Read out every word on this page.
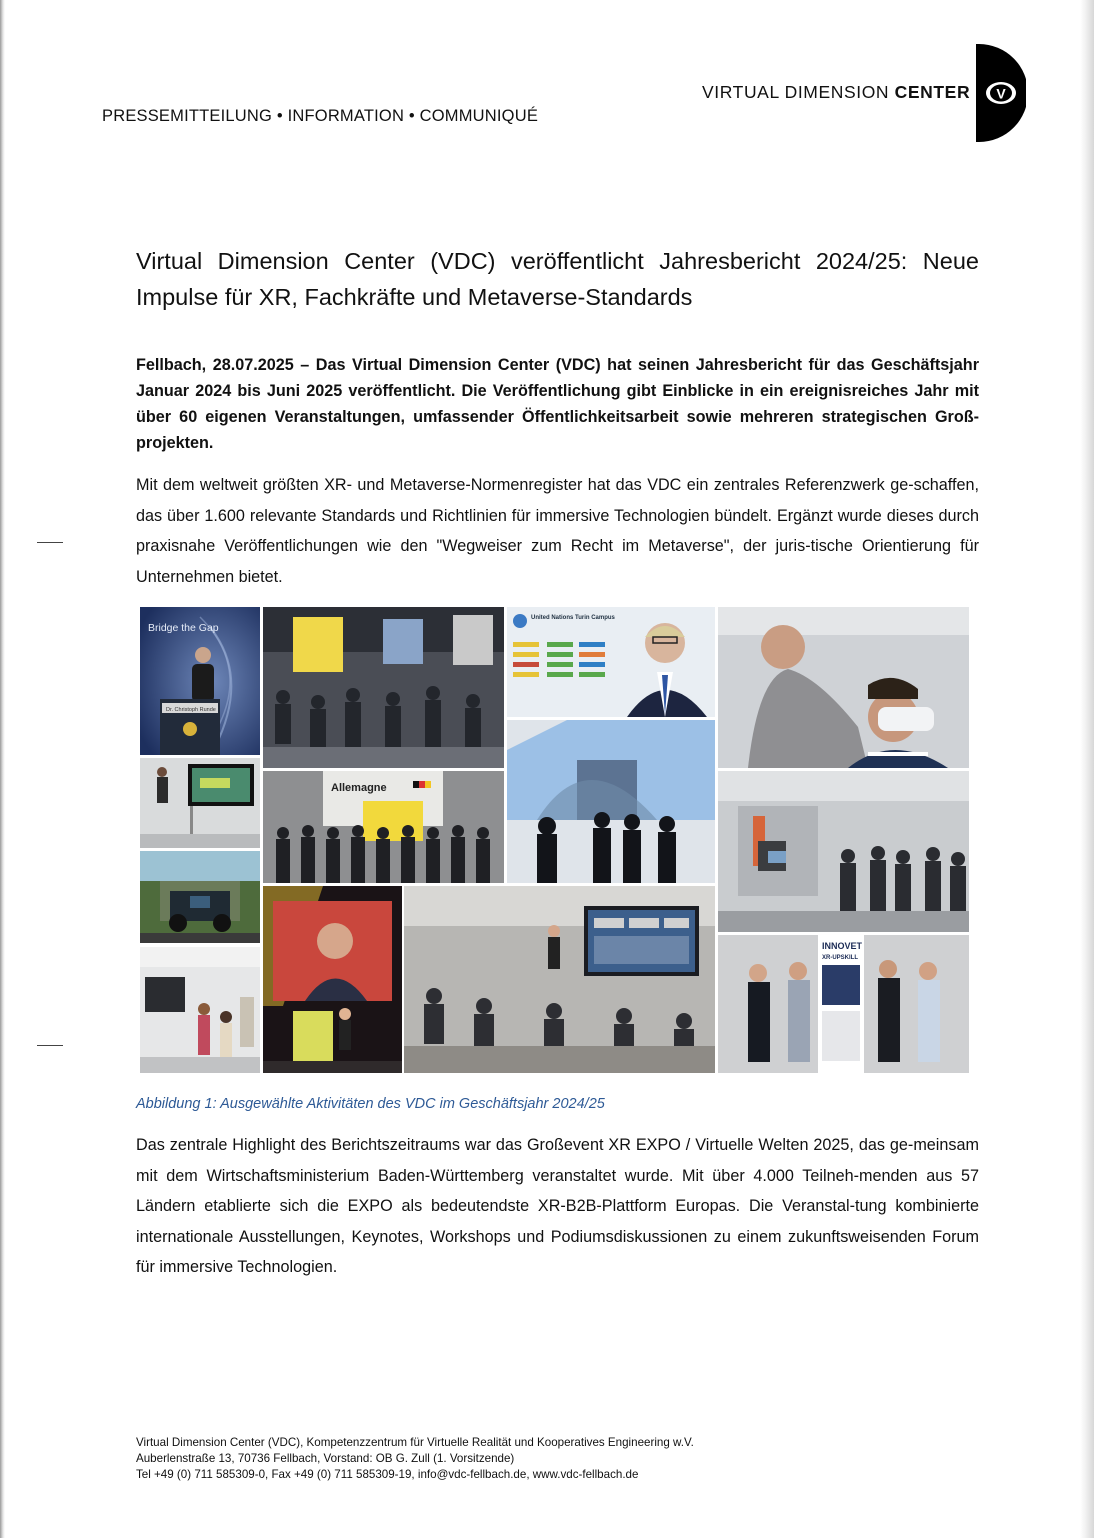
PRESSEMITTEILUNG • INFORMATION • COMMUNIQUÉ
VIRTUAL DIMENSION CENTER V
Virtual Dimension Center (VDC) veröffentlicht Jahresbericht 2024/25: Neue Impulse für XR, Fachkräfte und Metaverse-Standards
Fellbach, 28.07.2025 – Das Virtual Dimension Center (VDC) hat seinen Jahresbericht für das Geschäftsjahr Januar 2024 bis Juni 2025 veröffentlicht. Die Veröffentlichung gibt Einblicke in ein ereignisreiches Jahr mit über 60 eigenen Veranstaltungen, umfassender Öffentlichkeitsarbeit sowie mehreren strategischen Groß-projekten.
Mit dem weltweit größten XR- und Metaverse-Normenregister hat das VDC ein zentrales Referenzwerk ge-schaffen, das über 1.600 relevante Standards und Richtlinien für immersive Technologien bündelt. Ergänzt wurde dieses durch praxisnahe Veröffentlichungen wie den "Wegweiser zum Recht im Metaverse", der juris-tische Orientierung für Unternehmen bietet.
Bridge the Gap
Dr. Christoph Runde
United Nations Turin Campus
Allemagne
INNOVET
XR-UPSKILL
Abbildung 1: Ausgewählte Aktivitäten des VDC im Geschäftsjahr 2024/25
Das zentrale Highlight des Berichtszeitraums war das Großevent XR EXPO / Virtuelle Welten 2025, das ge-meinsam mit dem Wirtschaftsministerium Baden-Württemberg veranstaltet wurde. Mit über 4.000 Teilneh-menden aus 57 Ländern etablierte sich die EXPO als bedeutendste XR-B2B-Plattform Europas. Die Veranstal-tung kombinierte internationale Ausstellungen, Keynotes, Workshops und Podiumsdiskussionen zu einem zukunftsweisenden Forum für immersive Technologien.
Virtual Dimension Center (VDC), Kompetenzzentrum für Virtuelle Realität und Kooperatives Engineering w.V.
Auberlenstraße 13, 70736 Fellbach, Vorstand: OB G. Zull (1. Vorsitzende)
Tel +49 (0) 711 585309-0, Fax +49 (0) 711 585309-19, info@vdc-fellbach.de, www.vdc-fellbach.de
